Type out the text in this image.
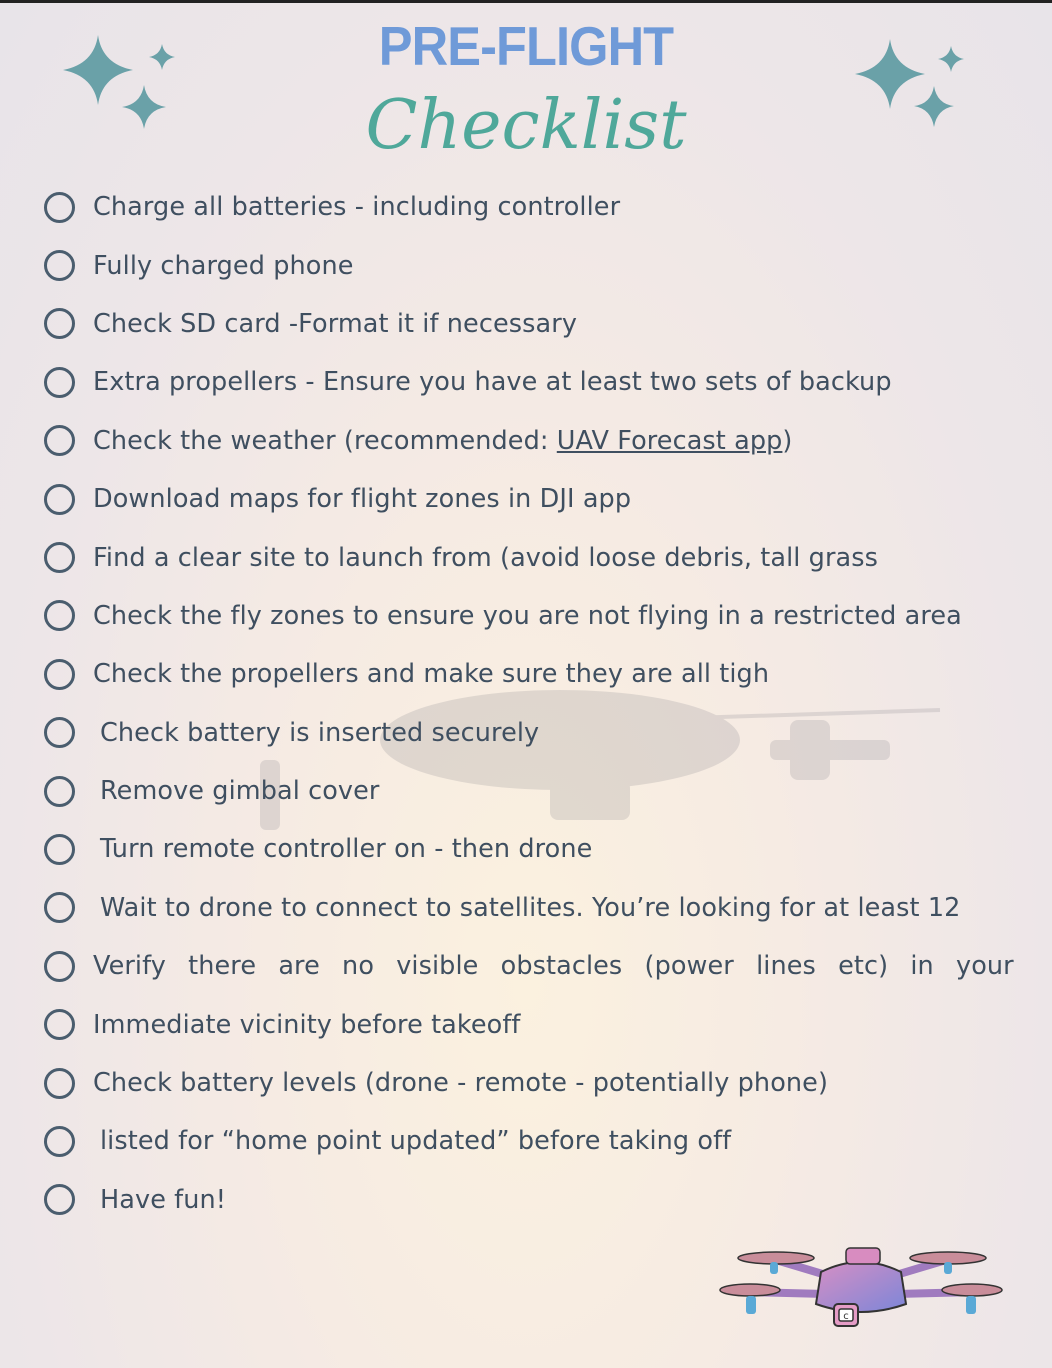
PRE-FLIGHT
Checklist
Charge all batteries - including controller
Fully charged phone
Check SD card -Format it if necessary
Extra propellers - Ensure you have at least two sets of backup
Check the weather (recommended: UAV Forecast app)
Download maps for flight zones in DJI app
Find a clear site to launch from (avoid loose debris, tall grass
Check the fly zones to ensure you are not flying in a restricted area
Check the propellers and make sure they are all tigh
Check battery is inserted securely
Remove gimbal cover
Turn remote controller on - then drone
Wait to drone to connect to satellites. You’re looking for at least 12
Verify there are no visible obstacles (power lines etc) in your
Immediate vicinity before takeoff
Check battery levels (drone - remote - potentially phone)
listed for “home point updated” before taking off
Have fun!
c
